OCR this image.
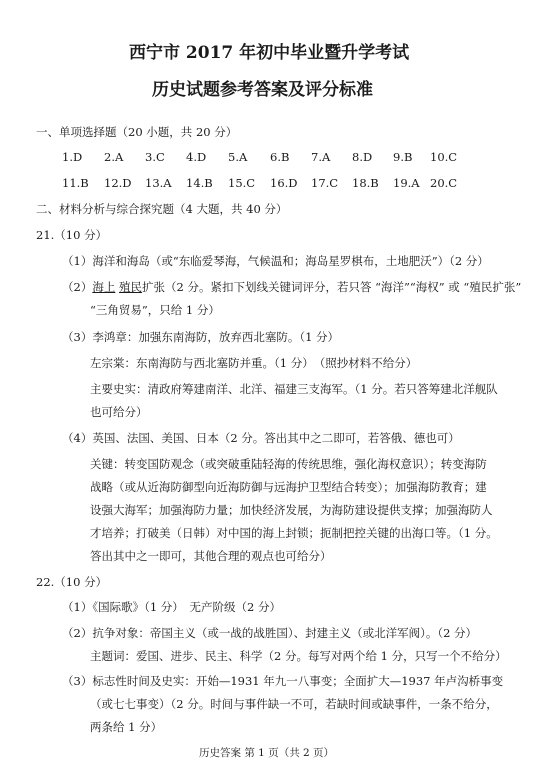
西宁市 2017 年初中毕业暨升学考试
历史试题参考答案及评分标准
一、单项选择题（20 小题，共 20 分）
1.D 2.A 3.C 4.D 5.A 6.B 7.A 8.D 9.B 10.C
11.B 12.D 13.A 14.B 15.C 16.D 17.C 18.B 19.A 20.C
二、材料分析与综合探究题（4 大题，共 40 分）
21.（10 分）
（1）海洋和海岛（或“东临爱琴海，气候温和；海岛星罗棋布，土地肥沃”）（2 分）
（2）海上 殖民扩张（2 分。紧扣下划线关键词评分，若只答 “海洋”“海权” 或 “殖民扩张”
“三角贸易”，只给 1 分）
（3）李鸿章：加强东南海防，放弃西北塞防。（1 分）
左宗棠：东南海防与西北塞防并重。（1 分）　（照抄材料不给分）
主要史实：清政府筹建南洋、北洋、福建三支海军。（1 分。若只答筹建北洋舰队
也可给分）
（4）英国、法国、美国、日本（2 分。答出其中之二即可，若答俄、德也可）
关键：转变国防观念（或突破重陆轻海的传统思维，强化海权意识）；转变海防
战略（或从近海防御型向近海防御与远海护卫型结合转变）；加强海防教育；建
设强大海军；加强海防力量；加快经济发展，为海防建设提供支撑；加强海防人
才培养；打破美（日韩）对中国的海上封锁；扼制把控关键的出海口等。（1 分。
答出其中之一即可，其他合理的观点也可给分）
22.（10 分）
（1）《国际歌》（1 分）　无产阶级（2 分）
（2）抗争对象：帝国主义（或一战的战胜国）、封建主义（或北洋军阀）。（2 分）
主题词：爱国、进步、民主、科学（2 分。每写对两个给 1 分，只写一个不给分）
（3）标志性时间及史实：开始—1931 年九一八事变；全面扩大—1937 年卢沟桥事变
（或七七事变）（2 分。时间与事件缺一不可，若缺时间或缺事件，一条不给分，
两条给 1 分）
历史答案 第 1 页（共 2 页）
